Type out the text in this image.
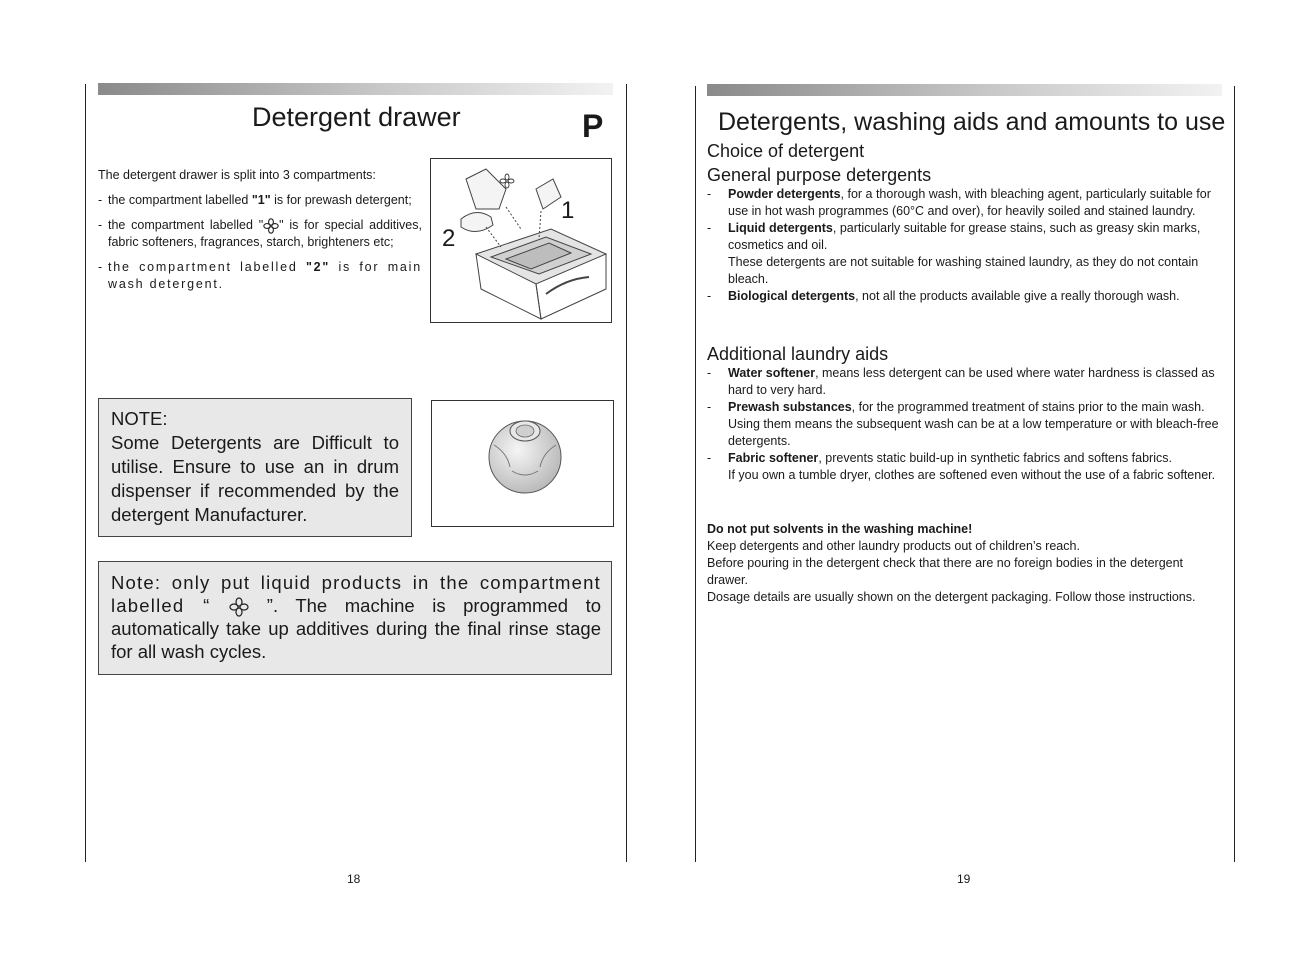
Detergent drawer	P
The detergent drawer is split into 3 compartments:
- the compartment labelled "1" is for prewash detergent;
- the compartment labelled " " is for special additives, fabric softeners, fragrances, starch, brighteners etc;
- the compartment labelled "2" is for main wash detergent.
1
2
NOTE:
Some Detergents are Difficult to utilise. Ensure to use an in drum dispenser if recommended by the detergent Manufacturer.
Note: only put liquid products in the compartment labelled “  ”. The machine is programmed to automatically take up additives during the final rinse stage for all wash cycles.
18
Detergents, washing aids and amounts to use
Choice of detergent
General purpose detergents
- Powder detergents, for a thorough wash, with bleaching agent, particularly suitable for use in hot wash programmes (60°C and over), for heavily soiled and stained laundry.
- Liquid detergents, particularly suitable for grease stains, such as greasy skin marks, cosmetics and oil.
These detergents are not suitable for washing stained laundry, as they do not contain bleach.
- Biological detergents, not all the products available give a really thorough wash.
Additional laundry aids
- Water softener, means less detergent can be used where water hardness is classed as hard to very hard.
- Prewash substances, for the programmed treatment of stains prior to the main wash.
Using them means the subsequent wash can be at a low temperature or with bleach-free detergents.
- Fabric softener, prevents static build-up in synthetic fabrics and softens fabrics.
If you own a tumble dryer, clothes are softened even without the use of a fabric softener.
Do not put solvents in the washing machine!
Keep detergents and other laundry products out of children’s reach.
Before pouring in the detergent check that there are no foreign bodies in the detergent drawer.
Dosage details are usually shown on the detergent packaging. Follow those instructions.
19
